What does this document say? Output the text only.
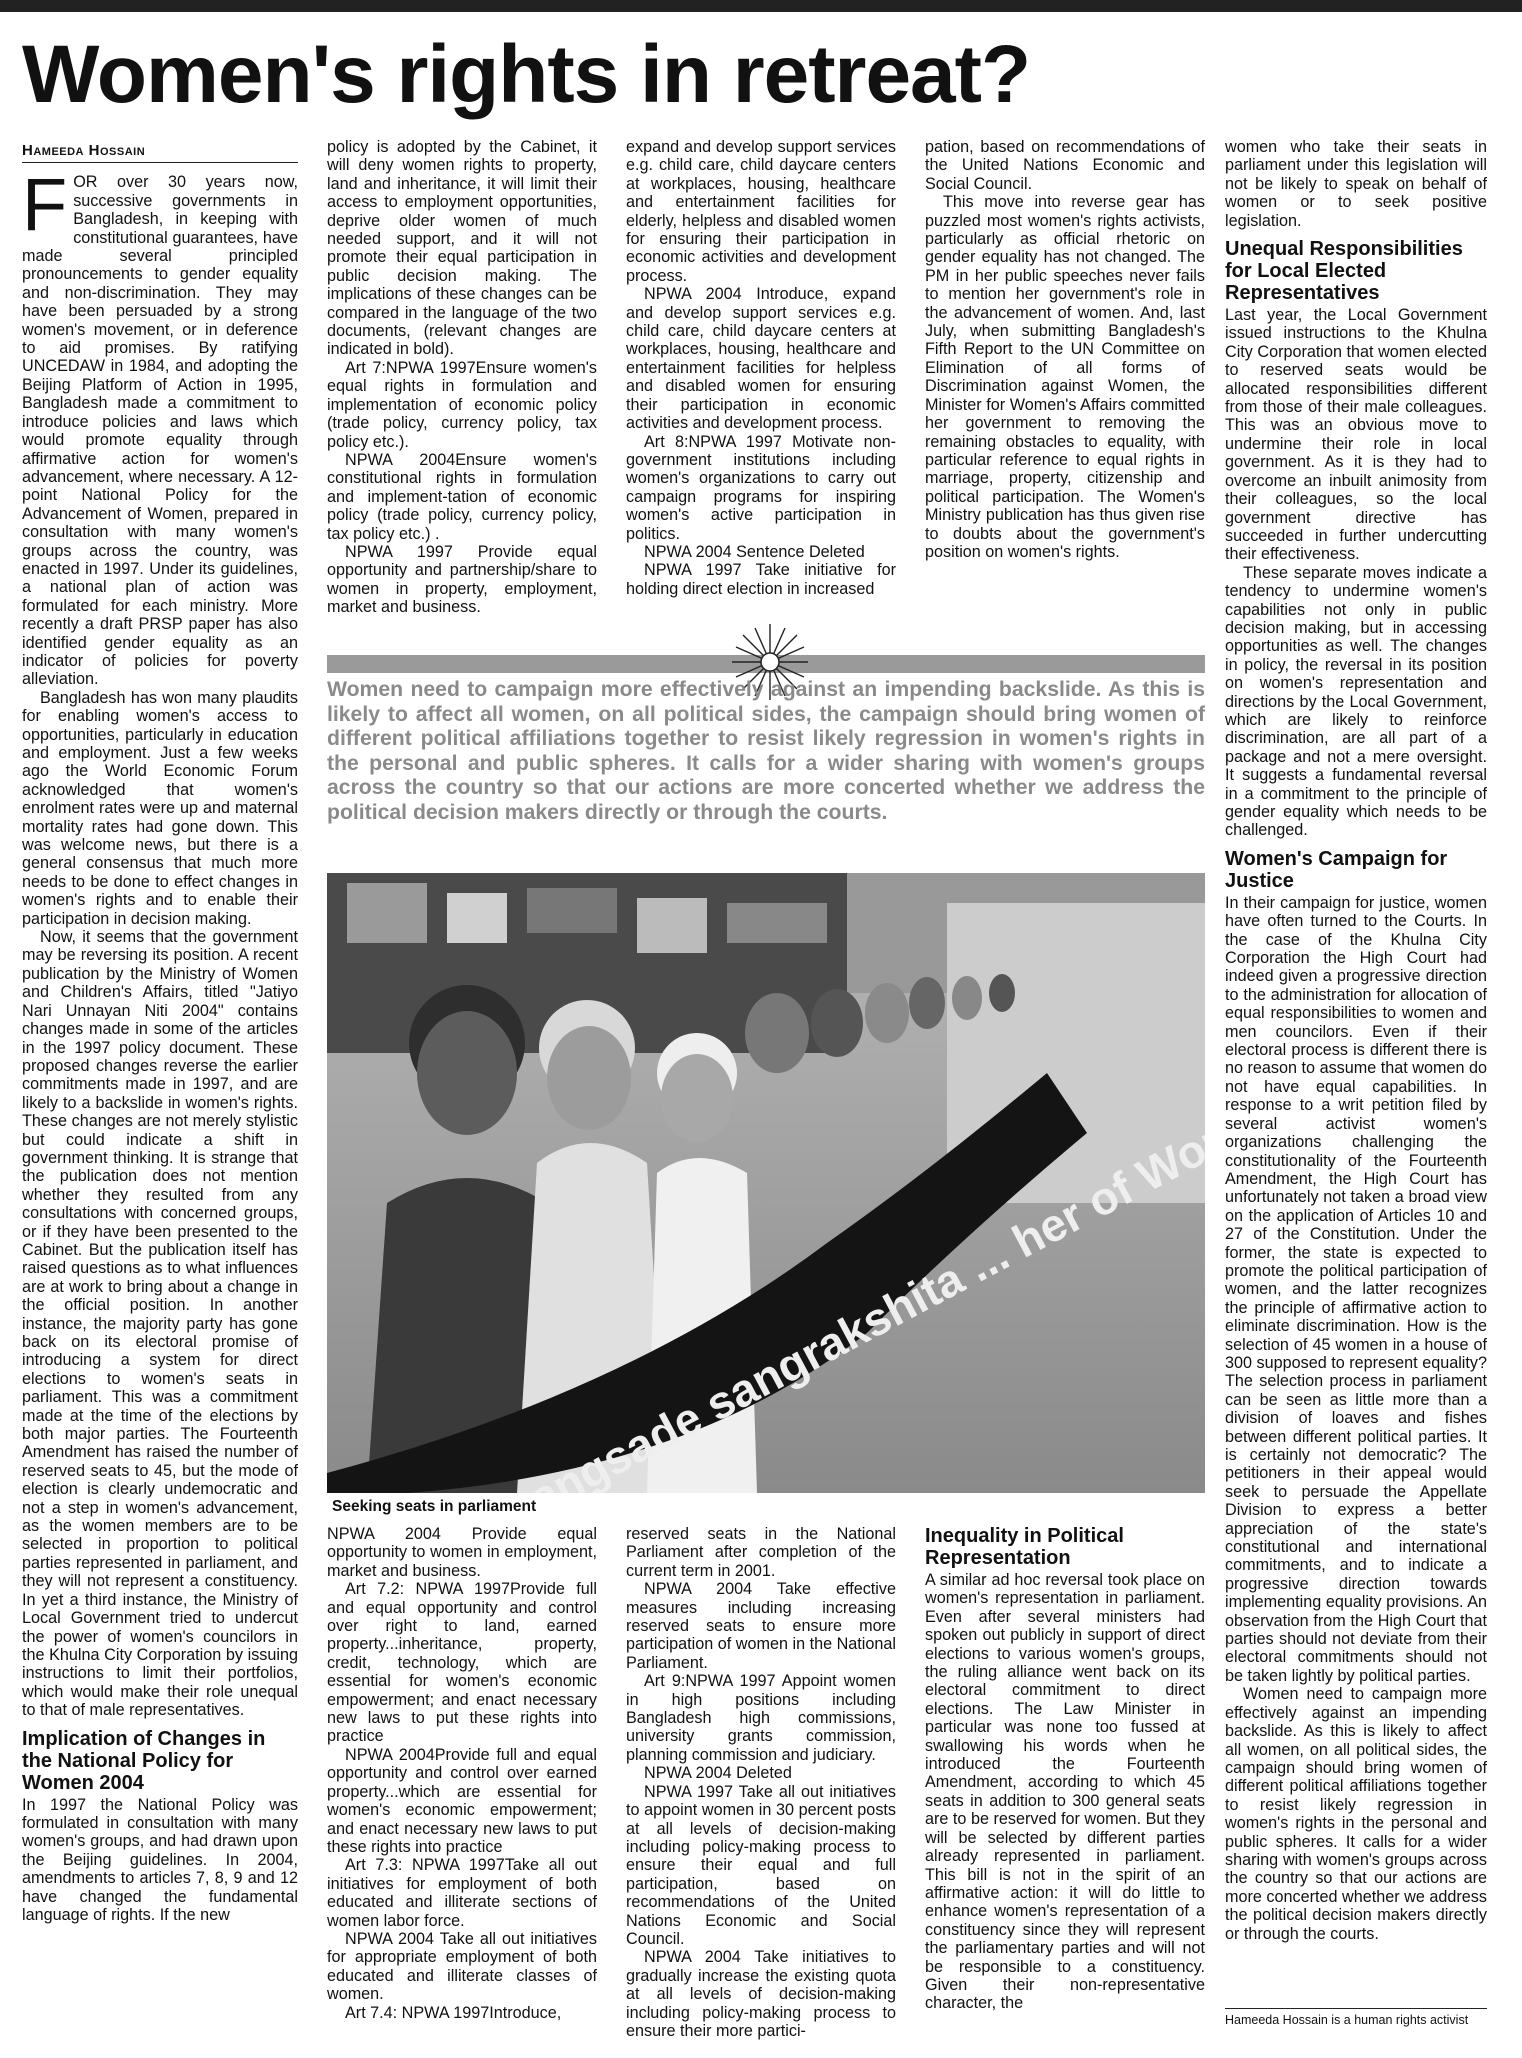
Women's rights in retreat?
Hameeda Hossain

FOR over 30 years now, successive governments in Bangladesh, in keeping with constitutional guarantees, have made several principled pronouncements to gender equality and non-discrimination. They may have been persuaded by a strong women's movement, or in deference to aid promises. By ratifying UNCEDAW in 1984, and adopting the Beijing Platform of Action in 1995, Bangladesh made a commitment to introduce policies and laws which would promote equality through affirmative action for women's advancement, where necessary. A 12-point National Policy for the Advancement of Women, prepared in consultation with many women's groups across the country, was enacted in 1997. Under its guidelines, a national plan of action was formulated for each ministry. More recently a draft PRSP paper has also identified gender equality as an indicator of policies for poverty alleviation.

Bangladesh has won many plaudits for enabling women's access to opportunities, particularly in education and employment. Just a few weeks ago the World Economic Forum acknowledged that women's enrolment rates were up and maternal mortality rates had gone down. This was welcome news, but there is a general consensus that much more needs to be done to effect changes in women's rights and to enable their participation in decision making.

Now, it seems that the government may be reversing its position. A recent publication by the Ministry of Women and Children's Affairs, titled "Jatiyo Nari Unnayan Niti 2004" contains changes made in some of the articles in the 1997 policy document. These proposed changes reverse the earlier commitments made in 1997, and are likely to a backslide in women's rights. These changes are not merely stylistic but could indicate a shift in government thinking. It is strange that the publication does not mention whether they resulted from any consultations with concerned groups, or if they have been presented to the Cabinet. But the publication itself has raised questions as to what influences are at work to bring about a change in the official position. In another instance, the majority party has gone back on its electoral promise of introducing a system for direct elections to women's seats in parliament. This was a commitment made at the time of the elections by both major parties. The Fourteenth Amendment has raised the number of reserved seats to 45, but the mode of election is clearly undemocratic and not a step in women's advancement, as the women members are to be selected in proportion to political parties represented in parliament, and they will not represent a constituency. In yet a third instance, the Ministry of Local Government tried to undercut the power of women's councilors in the Khulna City Corporation by issuing instructions to limit their portfolios, which would make their role unequal to that of male representatives.

Implication of Changes in the National Policy for Women 2004

In 1997 the National Policy was formulated in consultation with many women's groups, and had drawn upon the Beijing guidelines. In 2004, amendments to articles 7, 8, 9 and 12 have changed the fundamental language of rights. If the new

policy is adopted by the Cabinet, it will deny women rights to property, land and inheritance, it will limit their access to employment opportunities, deprive older women of much needed support, and it will not promote their equal participation in public decision making. The implications of these changes can be compared in the language of the two documents, (relevant changes are indicated in bold).

Art 7:NPWA 1997Ensure women's equal rights in formulation and implementation of economic policy (trade policy, currency policy, tax policy etc.).

NPWA 2004Ensure women's constitutional rights in formulation and implement-tation of economic policy (trade policy, currency policy, tax policy etc.) .

NPWA 1997 Provide equal opportunity and partnership/share to women in property, employment, market and business.

expand and develop support services e.g. child care, child daycare centers at workplaces, housing, healthcare and entertainment facilities for elderly, helpless and disabled women for ensuring their participation in economic activities and development process.

NPWA 2004 Introduce, expand and develop support services e.g. child care, child daycare centers at workplaces, housing, healthcare and entertainment facilities for helpless and disabled women for ensuring their participation in economic activities and development process.

Art 8:NPWA 1997 Motivate non-government institutions including women's organizations to carry out campaign programs for inspiring women's active participation in politics.

NPWA 2004 Sentence Deleted

NPWA 1997 Take initiative for holding direct election in increased

pation, based on recommendations of the United Nations Economic and Social Council.

This move into reverse gear has puzzled most women's rights activists, particularly as official rhetoric on gender equality has not changed. The PM in her public speeches never fails to mention her government's role in the advancement of women. And, last July, when submitting Bangladesh's Fifth Report to the UN Committee on Elimination of all forms of Discrimination against Women, the Minister for Women's Affairs committed her government to removing the remaining obstacles to equality, with particular reference to equal rights in marriage, property, citizenship and political participation. The Women's Ministry publication has thus given rise to doubts about the government's position on women's rights.

women who take their seats in parliament under this legislation will not be likely to speak on behalf of women or to seek positive legislation.

Unequal Responsibilities for Local Elected Representatives

Last year, the Local Government issued instructions to the Khulna City Corporation that women elected to reserved seats would be allocated responsibilities different from those of their male colleagues. This was an obvious move to undermine their role in local government. As it is they had to overcome an inbuilt animosity from their colleagues, so the local government directive has succeeded in further undercutting their effectiveness.

These separate moves indicate a tendency to undermine women's capabilities not only in public decision making, but in accessing opportunities as well. The changes in policy, the reversal in its position on women's representation and directions by the Local Government, which are likely to reinforce discrimination, are all part of a package and not a mere oversight. It suggests a fundamental reversal in a commitment to the principle of gender equality which needs to be challenged.

Women's Campaign for Justice

In their campaign for justice, women have often turned to the Courts. In the case of the Khulna City Corporation the High Court had indeed given a progressive direction to the administration for allocation of equal responsibilities to women and men councilors. Even if their electoral process is different there is no reason to assume that women do not have equal capabilities. In response to a writ petition filed by several activist women's organizations challenging the constitutionality of the Fourteenth Amendment, the High Court has unfortunately not taken a broad view on the application of Articles 10 and 27 of the Constitution. Under the former, the state is expected to promote the political participation of women, and the latter recognizes the principle of affirmative action to eliminate discrimination. How is the selection of 45 women in a house of 300 supposed to represent equality? The selection process in parliament can be seen as little more than a division of loaves and fishes between different political parties. It is certainly not democratic? The petitioners in their appeal would seek to persuade the Appellate Division to express a better appreciation of the state's constitutional and international commitments, and to indicate a progressive direction towards implementing equality provisions. An observation from the High Court that parties should not deviate from their electoral commitments should not be taken lightly by political parties.

Women need to campaign more effectively against an impending backslide. As this is likely to affect all women, on all political sides, the campaign should bring women of different political affiliations together to resist likely regression in women's rights in the personal and public spheres. It calls for a wider sharing with women's groups across the country so that our actions are more concerted whether we address the political decision makers directly or through the courts.

Women need to campaign more effectively against an impending backslide. As this is likely to affect all women, on all political sides, the campaign should bring women of different political affiliations together to resist likely regression in women's rights in the personal and public spheres. It calls for a wider sharing with women's groups across the country so that our actions are more concerted whether we address the political decision makers directly or through the courts.
sangsade sangrakshita ... her of Women
Seeking seats in parliament

NPWA 2004 Provide equal opportunity to women in employment, market and business.

Art 7.2: NPWA 1997Provide full and equal opportunity and control over right to land, earned property...inheritance, property, credit, technology, which are essential for women's economic empowerment; and enact necessary new laws to put these rights into practice

NPWA 2004Provide full and equal opportunity and control over earned property...which are essential for women's economic empowerment; and enact necessary new laws to put these rights into practice

Art 7.3: NPWA 1997Take all out initiatives for employment of both educated and illiterate sections of women labor force.

NPWA 2004 Take all out initiatives for appropriate employment of both educated and illiterate classes of women.

Art 7.4: NPWA 1997Introduce,

reserved seats in the National Parliament after completion of the current term in 2001.

NPWA 2004 Take effective measures including increasing reserved seats to ensure more participation of women in the National Parliament.

Art 9:NPWA 1997 Appoint women in high positions including Bangladesh high commissions, university grants commission, planning commission and judiciary.

NPWA 2004 Deleted

NPWA 1997 Take all out initiatives to appoint women in 30 percent posts at all levels of decision-making including policy-making process to ensure their equal and full participation, based on recommendations of the United Nations Economic and Social Council.

NPWA 2004 Take initiatives to gradually increase the existing quota at all levels of decision-making including policy-making process to ensure their more partici-

Inequality in Political Representation

A similar ad hoc reversal took place on women's representation in parliament. Even after several ministers had spoken out publicly in support of direct elections to various women's groups, the ruling alliance went back on its electoral commitment to direct elections. The Law Minister in particular was none too fussed at swallowing his words when he introduced the Fourteenth Amendment, according to which 45 seats in addition to 300 general seats are to be reserved for women. But they will be selected by different parties already represented in parliament. This bill is not in the spirit of an affirmative action: it will do little to enhance women's representation of a constituency since they will represent the parliamentary parties and will not be responsible to a constituency. Given their non-representative character, the

Hameeda Hossain is a human rights activist
